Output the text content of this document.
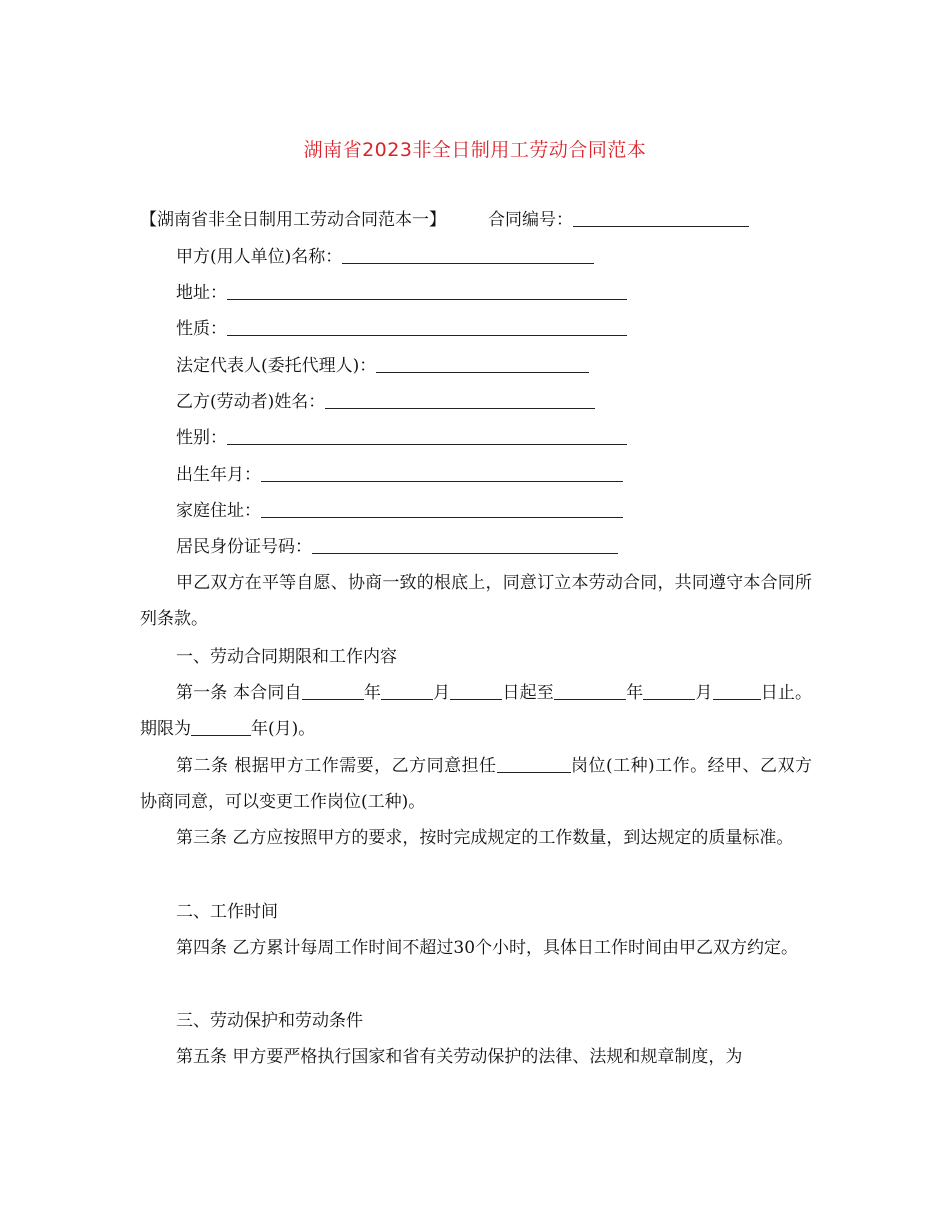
湖南省2023非全日制用工劳动合同范本
【湖南省非全日制用工劳动合同范本一】 合同编号：
甲方(用人单位)名称：
地址：
性质：
法定代表人(委托代理人)：
乙方(劳动者)姓名：
性别：
出生年月：
家庭住址：
居民身份证号码：
甲乙双方在平等自愿、协商一致的根底上，同意订立本劳动合同，共同遵守本合同所列条款。
一、劳动合同期限和工作内容
第一条 本合同自	年	月	日起至	年	月	日止。期限为	年(月)。
第二条 根据甲方工作需要，乙方同意担任	岗位(工种)工作。经甲、乙双方协商同意，可以变更工作岗位(工种)。
第三条 乙方应按照甲方的要求，按时完成规定的工作数量，到达规定的质量标准。
二、工作时间
第四条 乙方累计每周工作时间不超过30个小时，具体日工作时间由甲乙双方约定。
三、劳动保护和劳动条件
第五条 甲方要严格执行国家和省有关劳动保护的法律、法规和规章制度，为
